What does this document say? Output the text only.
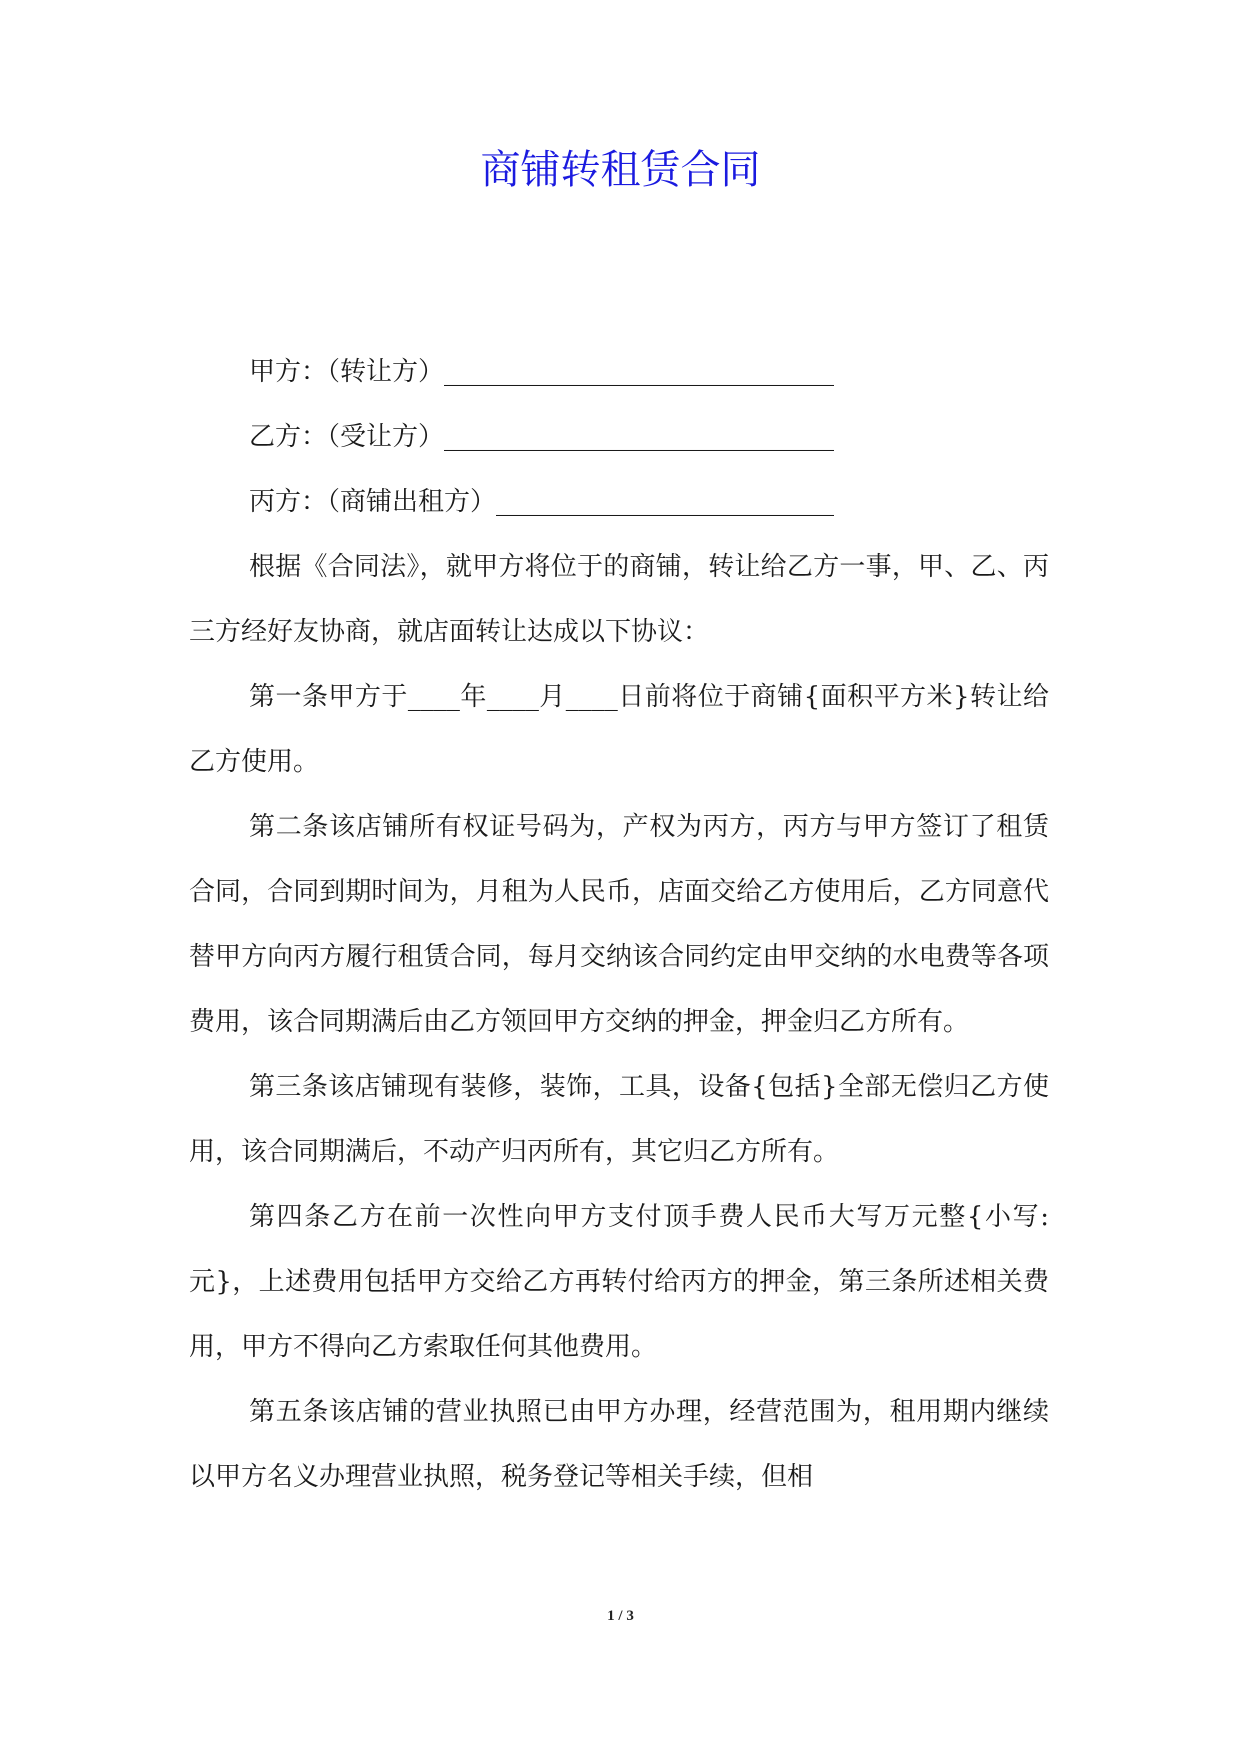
商铺转租赁合同
甲方：（转让方）______________________________
乙方：（受让方）______________________________
丙方：（商铺出租方）__________________________

根据《合同法》，就甲方将位于的商铺，转让给乙方一事，甲、乙、丙三方经好友协商，就店面转让达成以下协议：

第一条甲方于____年____月____日前将位于商铺{面积平方米}转让给乙方使用。

第二条该店铺所有权证号码为，产权为丙方，丙方与甲方签订了租赁合同，合同到期时间为，月租为人民币，店面交给乙方使用后，乙方同意代替甲方向丙方履行租赁合同，每月交纳该合同约定由甲交纳的水电费等各项费用，该合同期满后由乙方领回甲方交纳的押金，押金归乙方所有。

第三条该店铺现有装修，装饰，工具，设备{包括}全部无偿归乙方使用，该合同期满后，不动产归丙所有，其它归乙方所有。

第四条乙方在前一次性向甲方支付顶手费人民币大写万元整{小写:元}，上述费用包括甲方交给乙方再转付给丙方的押金，第三条所述相关费用，甲方不得向乙方索取任何其他费用。

第五条该店铺的营业执照已由甲方办理，经营范围为，租用期内继续以甲方名义办理营业执照，税务登记等相关手续，但相

1 / 3
